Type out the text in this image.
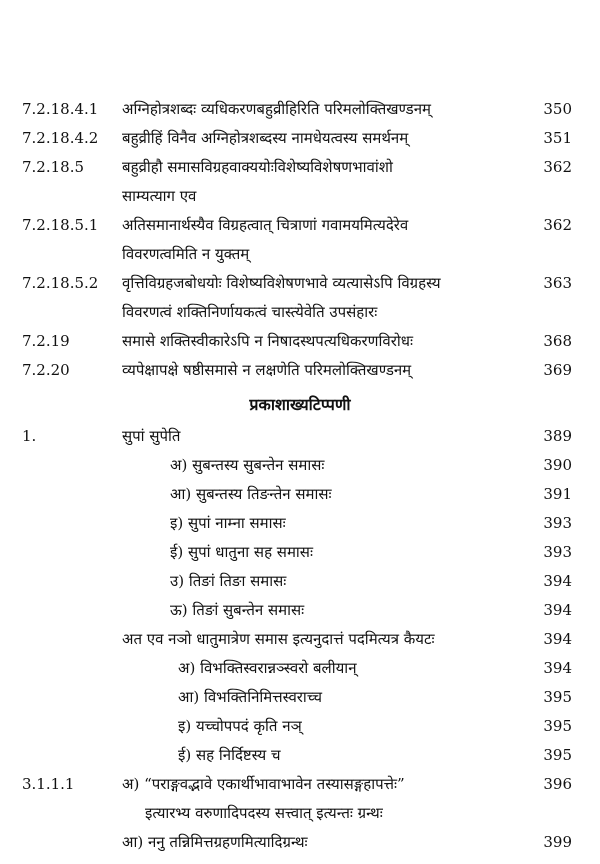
7.2.18.4.1 अग्निहोत्रशब्दः व्यधिकरणबहुव्रीहिरिति परिमलोक्तिखण्डनम्	350
7.2.18.4.2 बहुव्रीहिं विनैव अग्निहोत्रशब्दस्य नामधेयत्वस्य समर्थनम्	351
7.2.18.5	बहुव्रीहौ समासविग्रहवाक्ययोःविशेष्यविशेषणभावांशो	362
साम्यत्याग एव
7.2.18.5.1 अतिसमानार्थस्यैव विग्रहत्वात् चित्राणां गवामयमित्यदेरेव	362
विवरणत्वमिति न युक्तम्
7.2.18.5.2 वृत्तिविग्रहजबोधयोः विशेष्यविशेषणभावे व्यत्यासेऽपि विग्रहस्य	363
विवरणत्वं शक्तिनिर्णायकत्वं चास्त्येवेति उपसंहारः
7.2.19	समासे शक्तिस्वीकारेऽपि न निषादस्थपत्यधिकरणविरोधः	368
7.2.20	व्यपेक्षापक्षे षष्ठीसमासे न लक्षणेति परिमलोक्तिखण्डनम्	369
प्रकाशाख्यटिप्पणी
1.	सुपां सुपेति	389
अ) सुबन्तस्य सुबन्तेन समासः	390
आ) सुबन्तस्य तिङन्तेन समासः	391
इ) सुपां नाम्ना समासः	393
ई) सुपां धातुना सह समासः	393
उ) तिङां तिङा समासः	394
ऊ) तिङां सुबन्तेन समासः	394
अत एव नञो धातुमात्रेण समास इत्यनुदात्तं पदमित्यत्र कैयटः	394
अ) विभक्तिस्वरान्नञ्स्वरो बलीयान्	394
आ) विभक्तिनिमित्तस्वराच्च	395
इ) यच्चोपपदं कृति नञ्	395
ई) सह निर्दिष्टस्य च	395
3.1.1.1	अ) “पराङ्गवद्भावे एकार्थीभावाभावेन तस्यासङ्गहापत्तेः”	396
इत्यारभ्य वरुणादिपदस्य सत्त्वात् इत्यन्तः ग्रन्थः
आ) ननु तन्निमित्तग्रहणमित्यादिग्रन्थः	399
